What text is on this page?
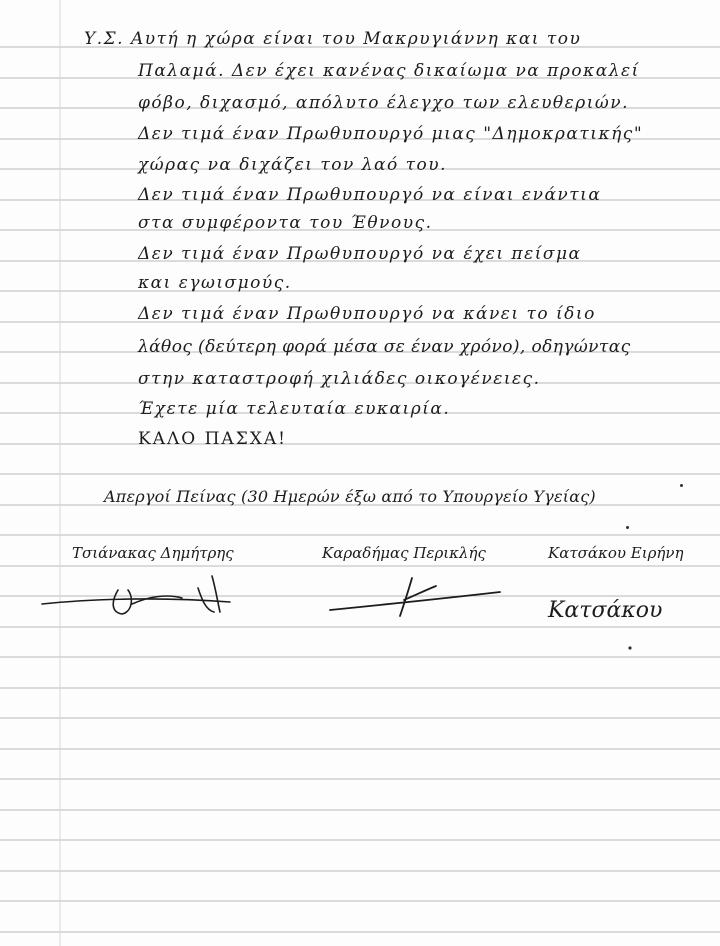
Υ.Σ. Αυτή η χώρα είναι του Μακρυγιάννη και του
Παλαμά. Δεν έχει κανένας δικαίωμα να προκαλεί
φόβο, διχασμό, απόλυτο έλεγχο των ελευθεριών.
Δεν τιμά έναν Πρωθυπουργό μιας "Δημοκρατικής"
χώρας να διχάζει τον λαό του.
Δεν τιμά έναν Πρωθυπουργό να είναι ενάντια
στα συμφέροντα του Έθνους.
Δεν τιμά έναν Πρωθυπουργό να έχει πείσμα
και εγωισμούς.
Δεν τιμά έναν Πρωθυπουργό να κάνει το ίδιο
λάθος (δεύτερη φορά μέσα σε έναν χρόνο), οδηγώντας
στην καταστροφή χιλιάδες οικογένειες.
Έχετε μία τελευταία ευκαιρία.
ΚΑΛΟ ΠΑΣΧΑ!
Απεργοί Πείνας (30 Ημερών έξω από το Υπουργείο Υγείας)
Τσιάνακας Δημήτρης	Καραδήμας Περικλής	Κατσάκου Ειρήνη
Κατσάκου
